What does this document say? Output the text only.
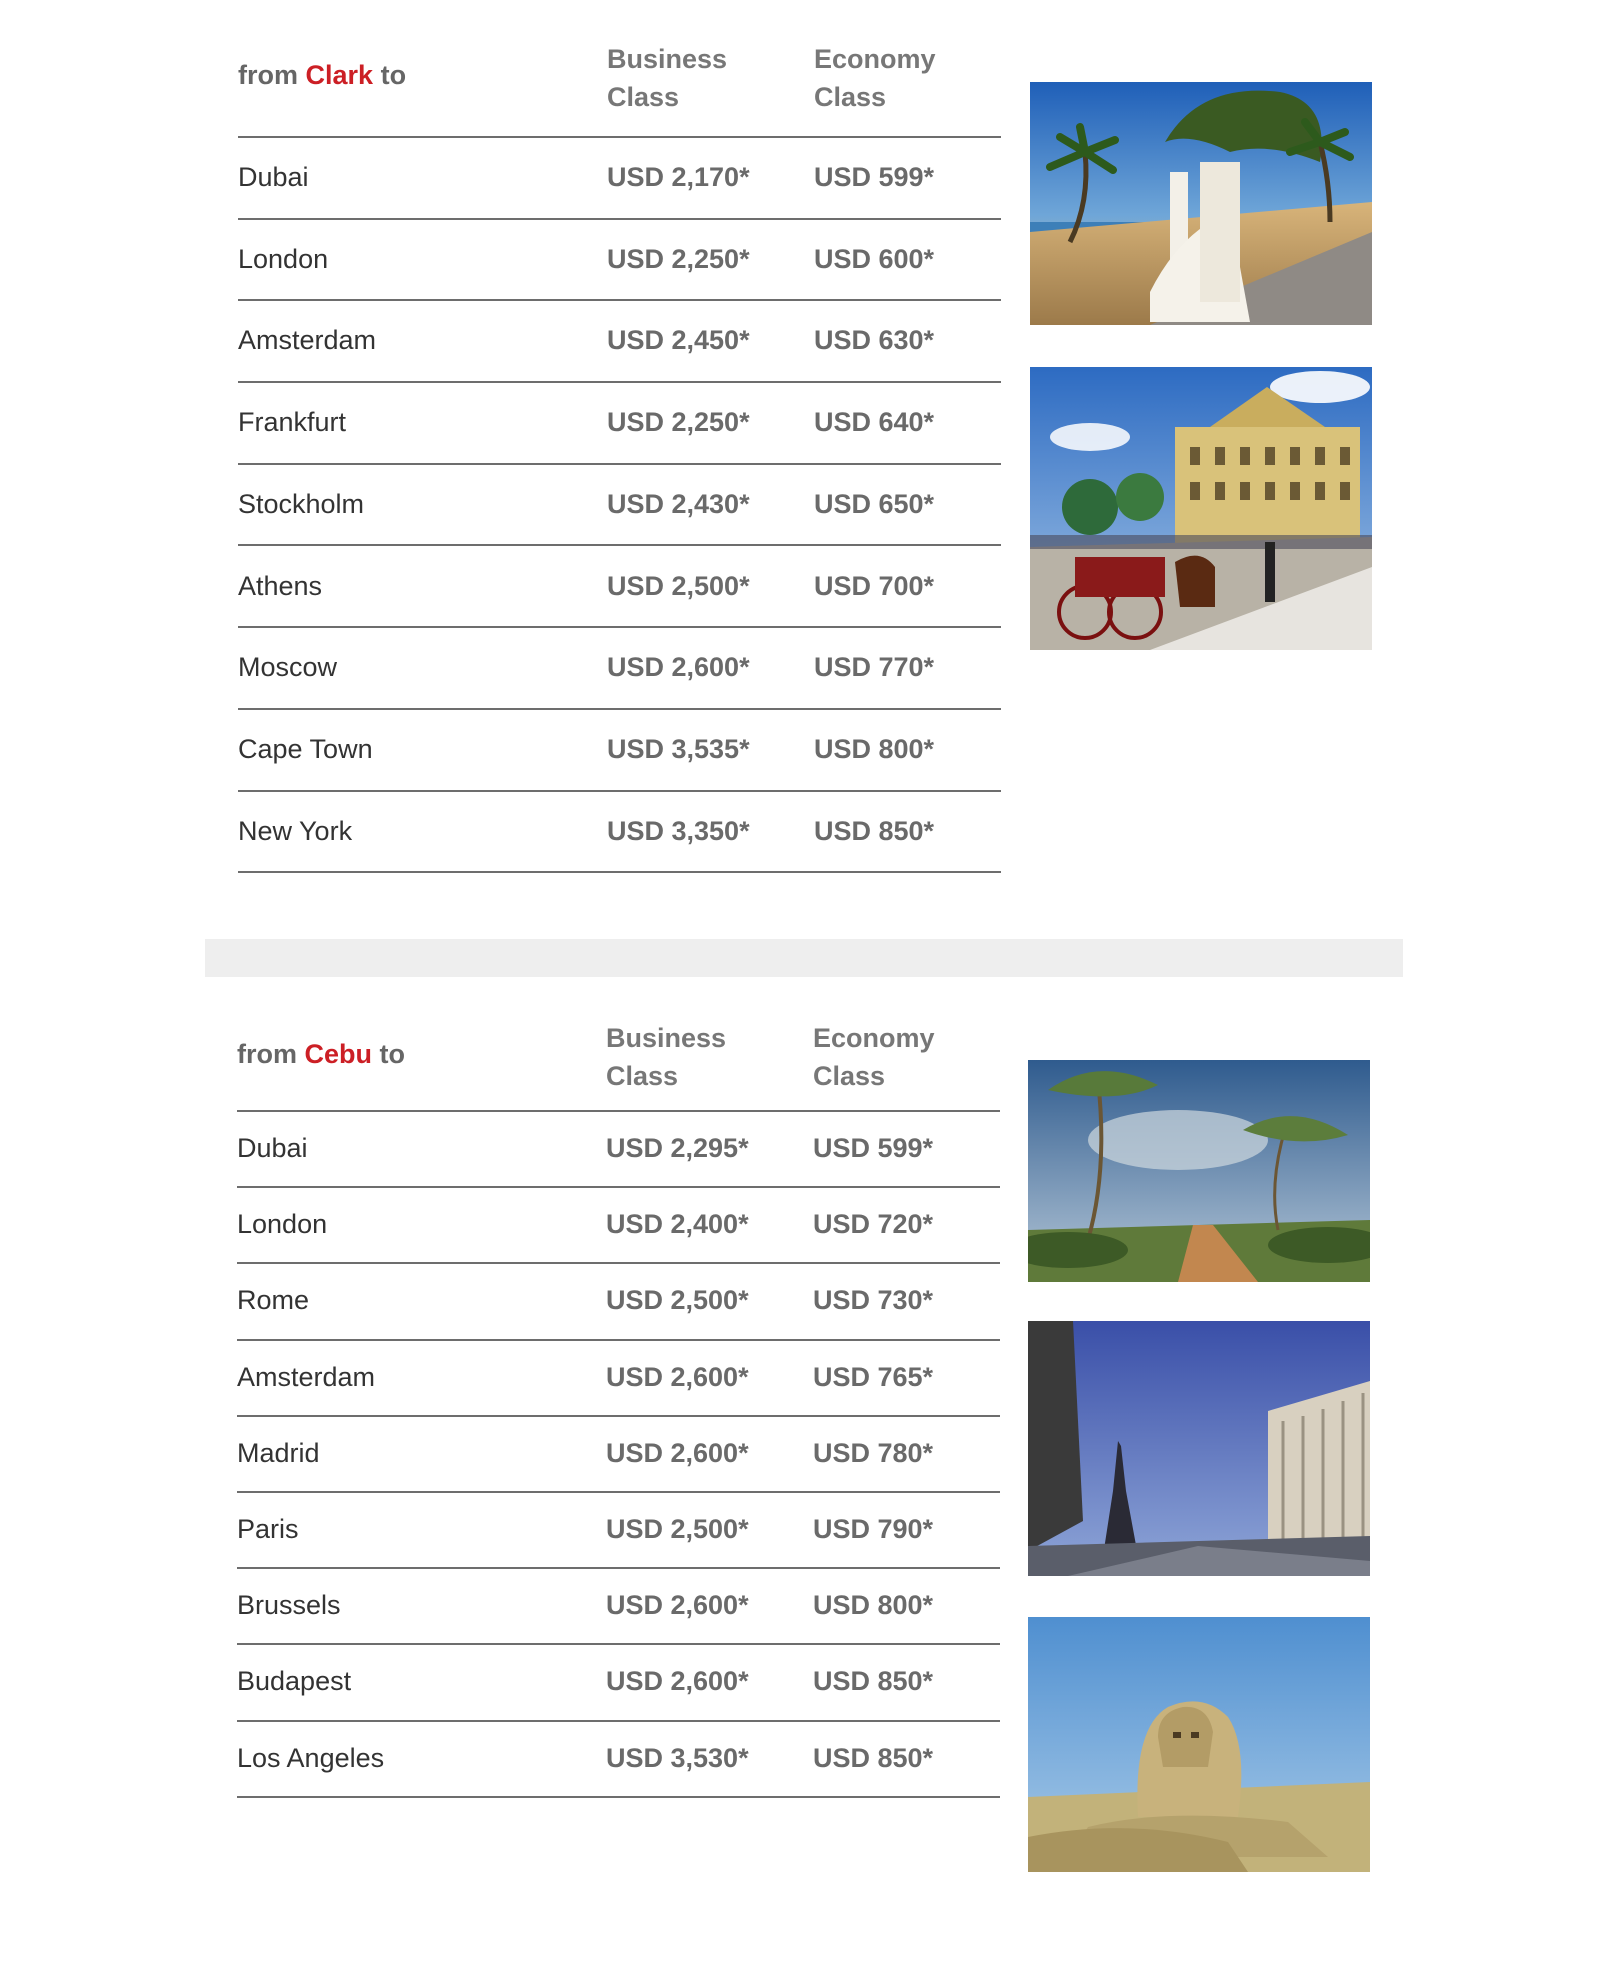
from Clark to
Business
Class
Economy
Class
Dubai	USD 2,170* USD 599*
London	USD 2,250* USD 600*
Amsterdam	USD 2,450* USD 630*
Frankfurt	USD 2,250* USD 640*
Stockholm	USD 2,430* USD 650*
Athens	USD 2,500* USD 700*
Moscow	USD 2,600* USD 770*
Cape Town	USD 3,535* USD 800*
New York	USD 3,350* USD 850*
from Cebu to
Business
Class
Economy
Class
Dubai	USD 2,295* USD 599*
London	USD 2,400* USD 720*
Rome	USD 2,500* USD 730*
Amsterdam	USD 2,600* USD 765*
Madrid	USD 2,600* USD 780*
Paris	USD 2,500* USD 790*
Brussels	USD 2,600* USD 800*
Budapest	USD 2,600* USD 850*
Los Angeles	USD 3,530* USD 850*
